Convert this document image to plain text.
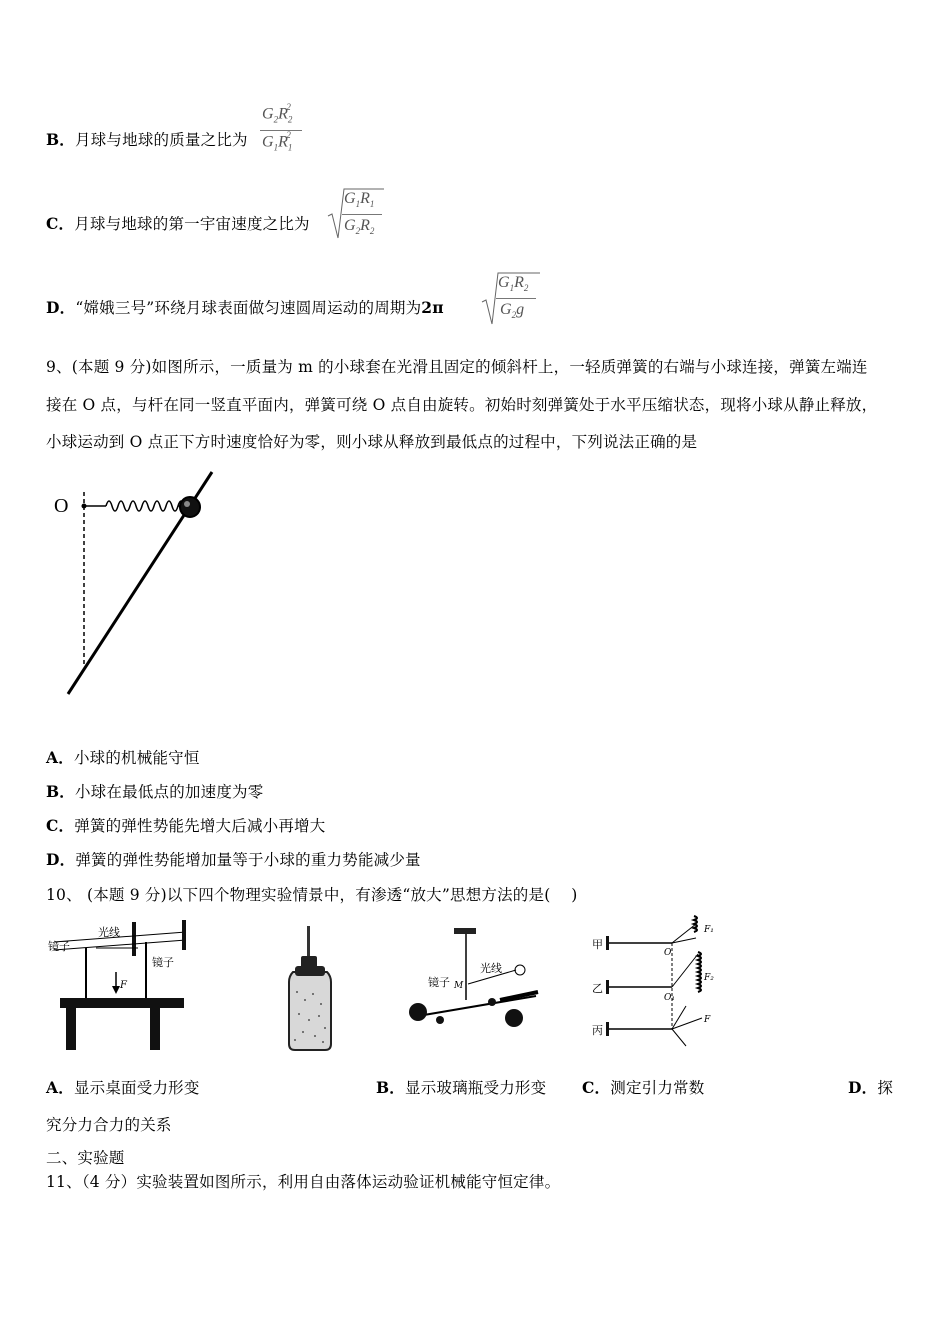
B．月球与地球的质量之比为
$G_2R_2^2$
$G_1R_1^2$
C．月球与地球的第一宇宙速度之比为
$G_1R_1$
$G_2R_2$
D．“嫦娥三号”环绕月球表面做匀速圆周运动的周期为2π
$G_1R_2$
$G_2g$
9、(本题 9 分)如图所示，一质量为 m 的小球套在光滑且固定的倾斜杆上，一轻质弹簧的右端与小球连接，弹簧左端连
接在 O 点，与杆在同一竖直平面内，弹簧可绕 O 点自由旋转。初始时刻弹簧处于水平压缩状态，现将小球从静止释放，
小球运动到 O 点正下方时速度恰好为零，则小球从释放到最低点的过程中，下列说法正确的是
O
A．小球的机械能守恒
B．小球在最低点的加速度为零
C．弹簧的弹性势能先增大后减小再增大
D．弹簧的弹性势能增加量等于小球的重力势能减少量
10、 (本题 9 分)以下四个物理实验情景中，有渗透“放大”思想方法的是(　 )
镜子
光线
镜子
F	镜子
光线
M
甲
乙
丙
O
O₁
F₁
F₂
F
A．显示桌面受力形变	B．显示玻璃瓶受力形变 C．测定引力常数	D．探
究分力合力的关系
二、实验题
11、（4 分）实验装置如图所示，利用自由落体运动验证机械能守恒定律。
